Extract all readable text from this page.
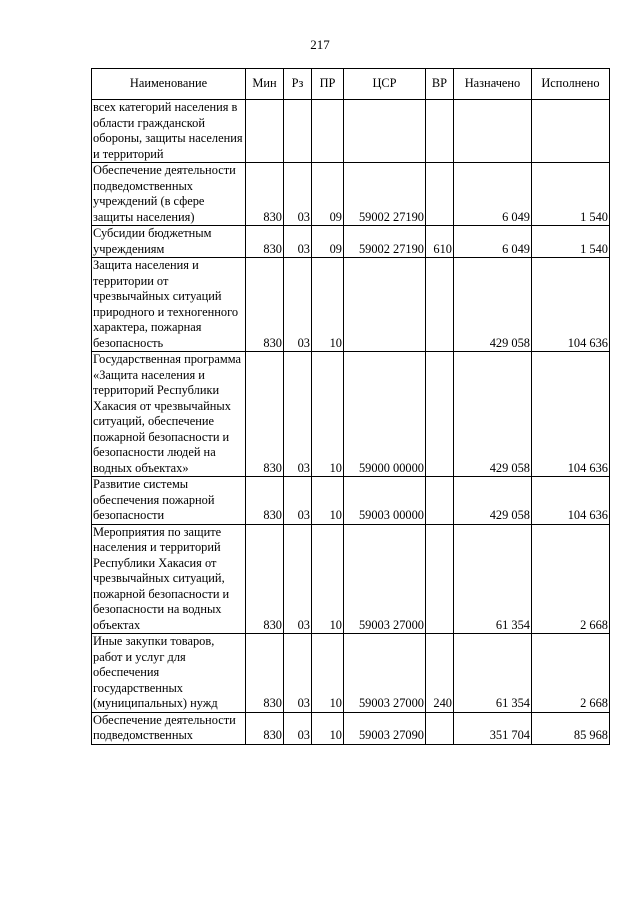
217
Наименование	Мин	Рз	ПР	ЦСР	ВР	Назначено	Исполнено
всех категорий населения в области гражданской обороны, защиты населения и территорий							
Обеспечение деятельности подведомственных учреждений (в сфере защиты населения)	830	03	09	59002 27190		6 049	1 540
Субсидии бюджетным учреждениям	830	03	09	59002 27190	610	6 049	1 540
Защита населения и территории от чрезвычайных ситуаций природного и техногенного характера, пожарная безопасность	830	03	10			429 058	104 636
Государственная программа «Защита населения и территорий Республики Хакасия от чрезвычайных ситуаций, обеспечение пожарной безопасности и безопасности людей на водных объектах»	830	03	10	59000 00000		429 058	104 636
Развитие системы обеспечения пожарной безопасности	830	03	10	59003 00000		429 058	104 636
Мероприятия по защите населения и территорий Республики Хакасия от чрезвычайных ситуаций, пожарной безопасности и безопасности на водных объектах	830	03	10	59003 27000		61 354	2 668
Иные закупки товаров, работ и услуг для обеспечения государственных (муниципальных) нужд	830	03	10	59003 27000	240	61 354	2 668
Обеспечение деятельности подведомственных	830	03	10	59003 27090		351 704	85 968
